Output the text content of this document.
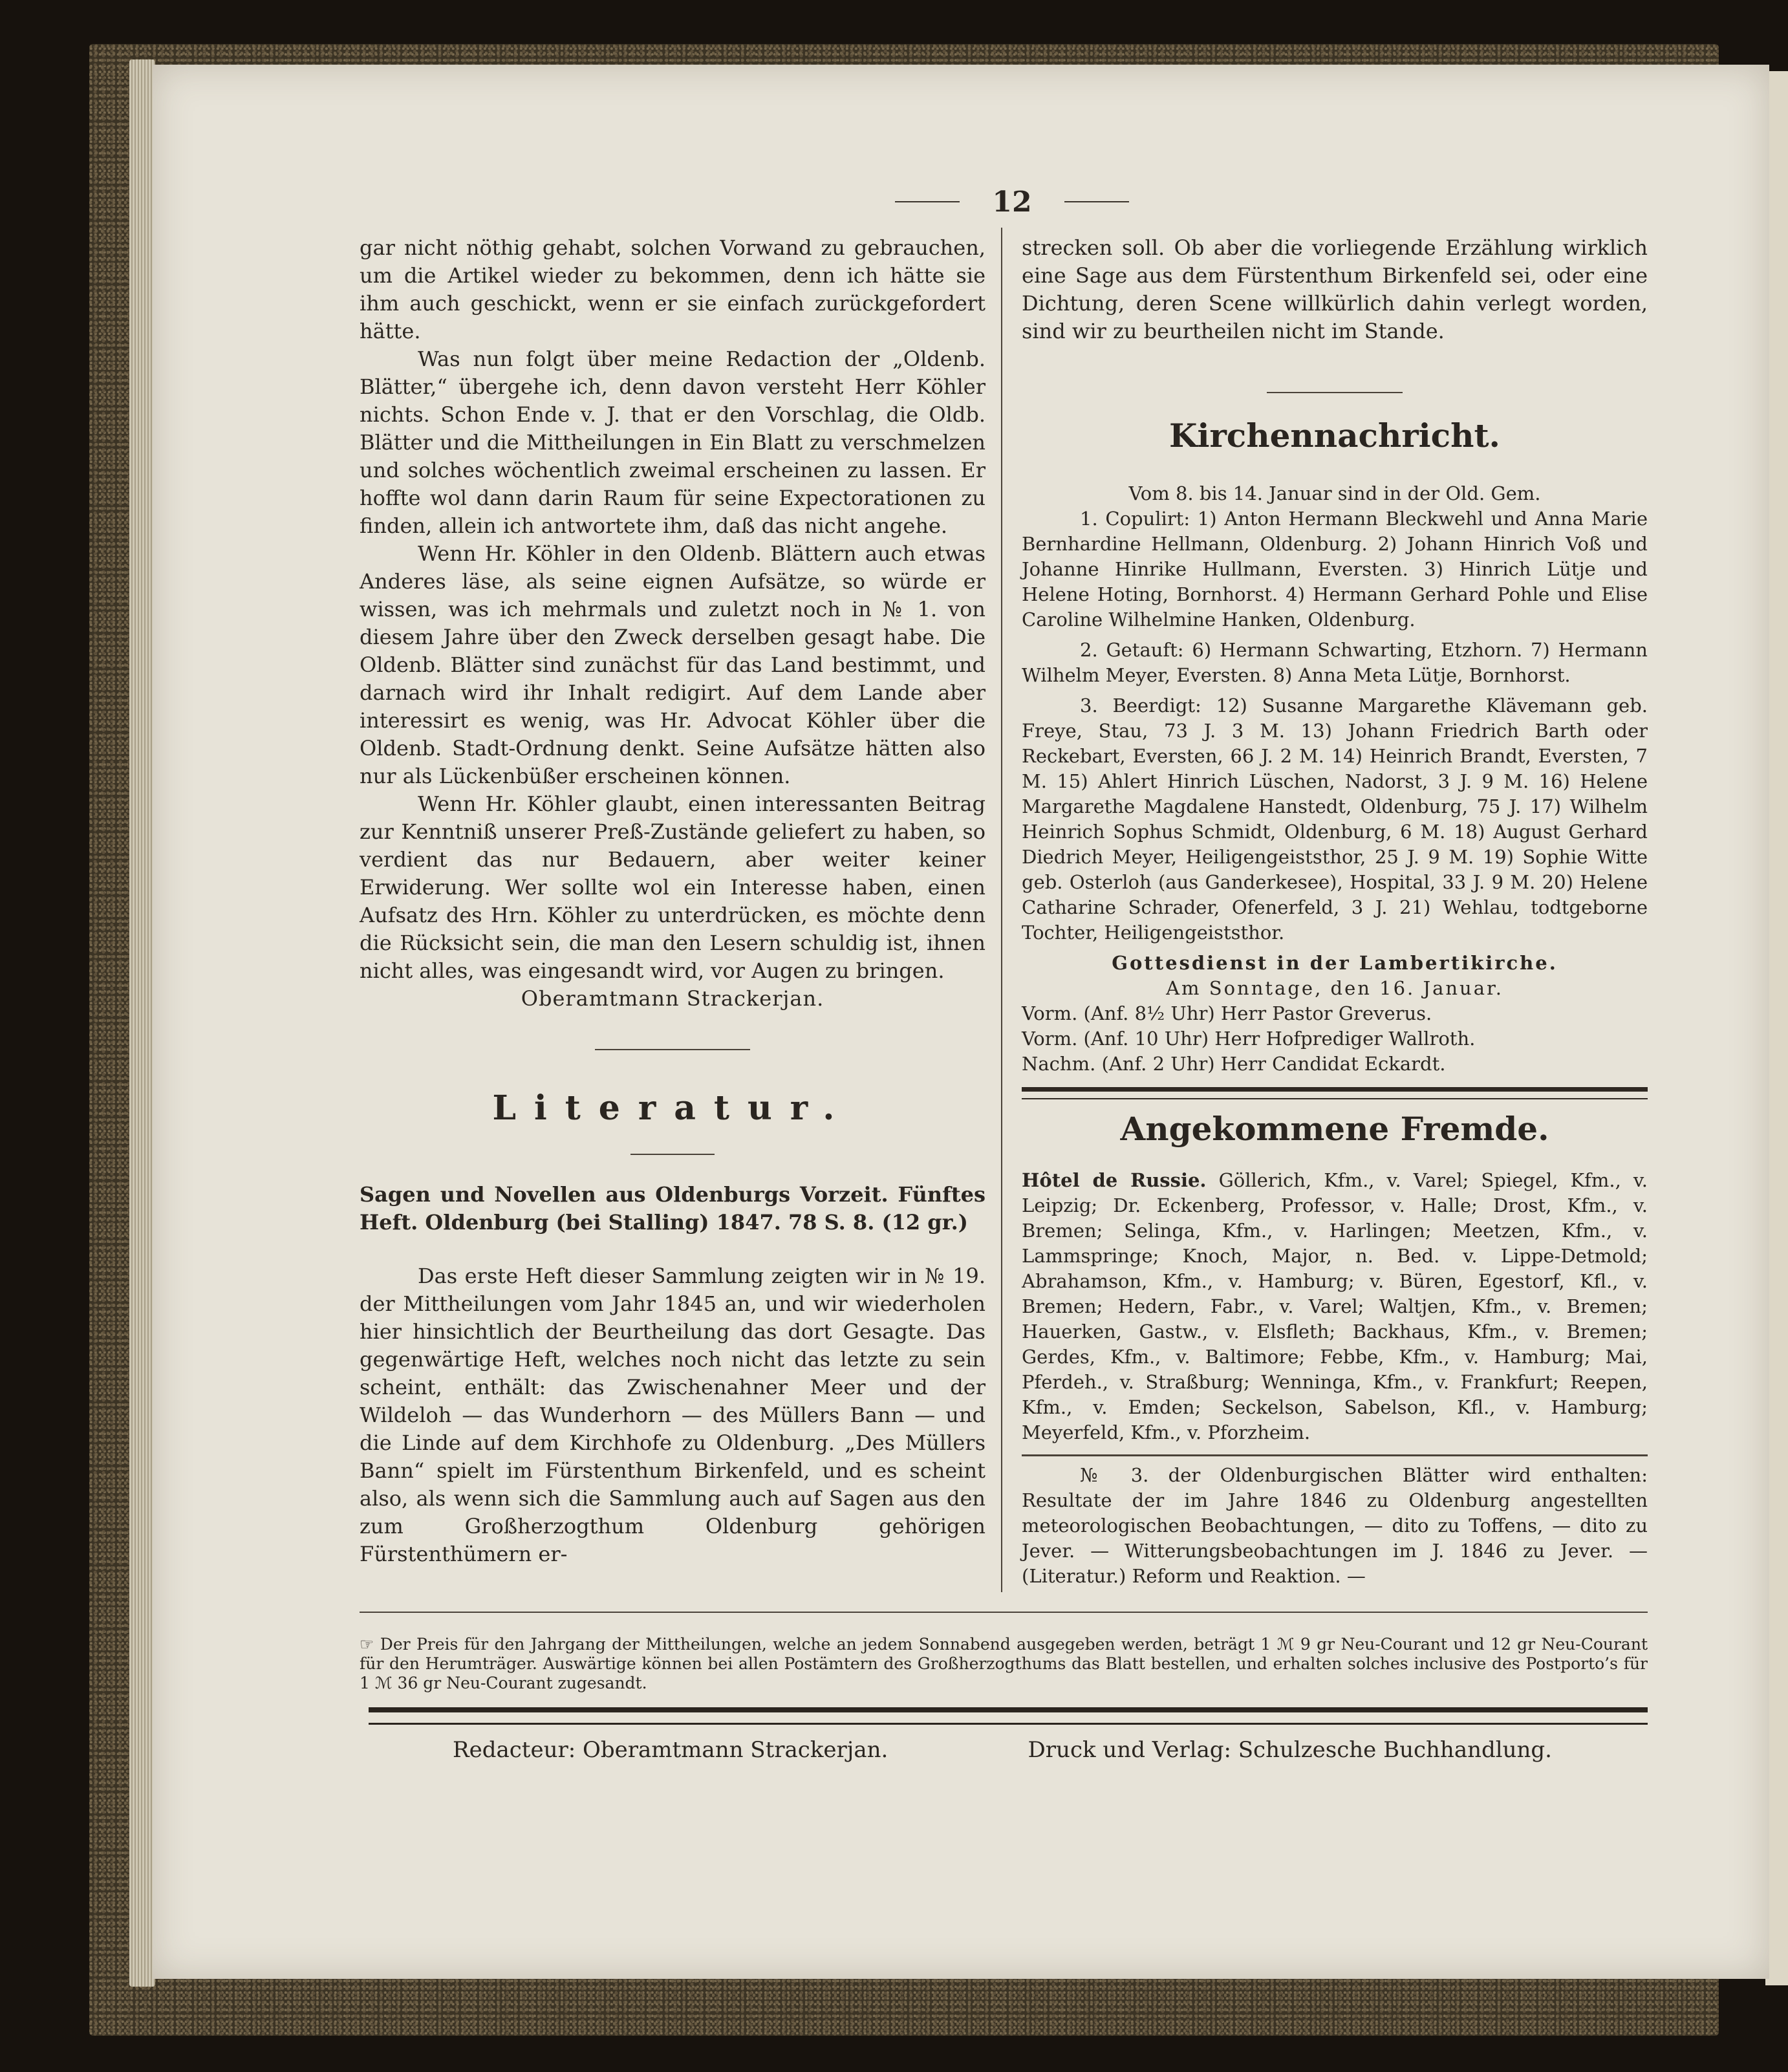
12

gar nicht nöthig gehabt, solchen Vorwand zu gebrauchen, um die Artikel wieder zu bekommen, denn ich hätte sie ihm auch geschickt, wenn er sie einfach zurückgefordert hätte.

Was nun folgt über meine Redaction der „Oldenb. Blätter,“ übergehe ich, denn davon versteht Herr Köhler nichts. Schon Ende v. J. that er den Vorschlag, die Oldb. Blätter und die Mittheilungen in Ein Blatt zu verschmelzen und solches wöchentlich zweimal erscheinen zu lassen. Er hoffte wol dann darin Raum für seine Expectorationen zu finden, allein ich antwortete ihm, daß das nicht angehe.

Wenn Hr. Köhler in den Oldenb. Blättern auch etwas Anderes läse, als seine eignen Aufsätze, so würde er wissen, was ich mehrmals und zuletzt noch in № 1. von diesem Jahre über den Zweck derselben gesagt habe. Die Oldenb. Blätter sind zunächst für das Land bestimmt, und darnach wird ihr Inhalt redigirt. Auf dem Lande aber interessirt es wenig, was Hr. Advocat Köhler über die Oldenb. Stadt-Ordnung denkt. Seine Aufsätze hätten also nur als Lückenbüßer erscheinen können.

Wenn Hr. Köhler glaubt, einen interessanten Beitrag zur Kenntniß unserer Preß-Zustände geliefert zu haben, so verdient das nur Bedauern, aber weiter keiner Erwiderung. Wer sollte wol ein Interesse haben, einen Aufsatz des Hrn. Köhler zu unterdrücken, es möchte denn die Rücksicht sein, die man den Lesern schuldig ist, ihnen nicht alles, was eingesandt wird, vor Augen zu bringen.

Oberamtmann Strackerjan.

Literatur.

Sagen und Novellen aus Oldenburgs Vorzeit. Fünftes Heft. Oldenburg (bei Stalling) 1847. 78 S. 8. (12 gr.)

Das erste Heft dieser Sammlung zeigten wir in № 19. der Mittheilungen vom Jahr 1845 an, und wir wiederholen hier hinsichtlich der Beurtheilung das dort Gesagte. Das gegenwärtige Heft, welches noch nicht das letzte zu sein scheint, enthält: das Zwischenahner Meer und der Wildeloh — das Wunderhorn — des Müllers Bann — und die Linde auf dem Kirchhofe zu Oldenburg. „Des Müllers Bann“ spielt im Fürstenthum Birkenfeld, und es scheint also, als wenn sich die Sammlung auch auf Sagen aus den zum Großherzogthum Oldenburg gehörigen Fürstenthümern er-

strecken soll. Ob aber die vorliegende Erzählung wirklich eine Sage aus dem Fürstenthum Birkenfeld sei, oder eine Dichtung, deren Scene willkürlich dahin verlegt worden, sind wir zu beurtheilen nicht im Stande.

Kirchennachricht.

Vom 8. bis 14. Januar sind in der Old. Gem.

1. Copulirt: 1) Anton Hermann Bleckwehl und Anna Marie Bernhardine Hellmann, Oldenburg. 2) Johann Hinrich Voß und Johanne Hinrike Hullmann, Eversten. 3) Hinrich Lütje und Helene Hoting, Bornhorst. 4) Hermann Gerhard Pohle und Elise Caroline Wilhelmine Hanken, Oldenburg.

2. Getauft: 6) Hermann Schwarting, Etzhorn. 7) Hermann Wilhelm Meyer, Eversten. 8) Anna Meta Lütje, Bornhorst.

3. Beerdigt: 12) Susanne Margarethe Klävemann geb. Freye, Stau, 73 J. 3 M. 13) Johann Friedrich Barth oder Reckebart, Eversten, 66 J. 2 M. 14) Heinrich Brandt, Eversten, 7 M. 15) Ahlert Hinrich Lüschen, Nadorst, 3 J. 9 M. 16) Helene Margarethe Magdalene Hanstedt, Oldenburg, 75 J. 17) Wilhelm Heinrich Sophus Schmidt, Oldenburg, 6 M. 18) August Gerhard Diedrich Meyer, Heiligengeiststhor, 25 J. 9 M. 19) Sophie Witte geb. Osterloh (aus Ganderkesee), Hospital, 33 J. 9 M. 20) Helene Catharine Schrader, Ofenerfeld, 3 J. 21) Wehlau, todtgeborne Tochter, Heiligengeiststhor.

Gottesdienst in der Lambertikirche.

Am Sonntage, den 16. Januar.

Vorm. (Anf. 8½ Uhr) Herr Pastor Greverus.

Vorm. (Anf. 10 Uhr) Herr Hofprediger Wallroth.

Nachm. (Anf. 2 Uhr) Herr Candidat Eckardt.

Angekommene Fremde.

Hôtel de Russie. Göllerich, Kfm., v. Varel; Spiegel, Kfm., v. Leipzig; Dr. Eckenberg, Professor, v. Halle; Drost, Kfm., v. Bremen; Selinga, Kfm., v. Harlingen; Meetzen, Kfm., v. Lammspringe; Knoch, Major, n. Bed. v. Lippe-Detmold; Abrahamson, Kfm., v. Hamburg; v. Büren, Egestorf, Kfl., v. Bremen; Hedern, Fabr., v. Varel; Waltjen, Kfm., v. Bremen; Hauerken, Gastw., v. Elsfleth; Backhaus, Kfm., v. Bremen; Gerdes, Kfm., v. Baltimore; Febbe, Kfm., v. Hamburg; Mai, Pferdeh., v. Straßburg; Wenninga, Kfm., v. Frankfurt; Reepen, Kfm., v. Emden; Seckelson, Sabelson, Kfl., v. Hamburg; Meyerfeld, Kfm., v. Pforzheim.

№ 3. der Oldenburgischen Blätter wird enthalten: Resultate der im Jahre 1846 zu Oldenburg angestellten meteorologischen Beobachtungen, — dito zu Toffens, — dito zu Jever. — Witterungsbeobachtungen im J. 1846 zu Jever. — (Literatur.) Reform und Reaktion. —

☞ Der Preis für den Jahrgang der Mittheilungen, welche an jedem Sonnabend ausgegeben werden, beträgt 1 ℳ 9 gr Neu-Courant und 12 gr Neu-Courant für den Herumträger. Auswärtige können bei allen Postämtern des Großherzogthums das Blatt bestellen, und erhalten solches inclusive des Postporto’s für 1 ℳ 36 gr Neu-Courant zugesandt.
Redacteur: Oberamtmann Strackerjan.	Druck und Verlag: Schulzesche Buchhandlung.
